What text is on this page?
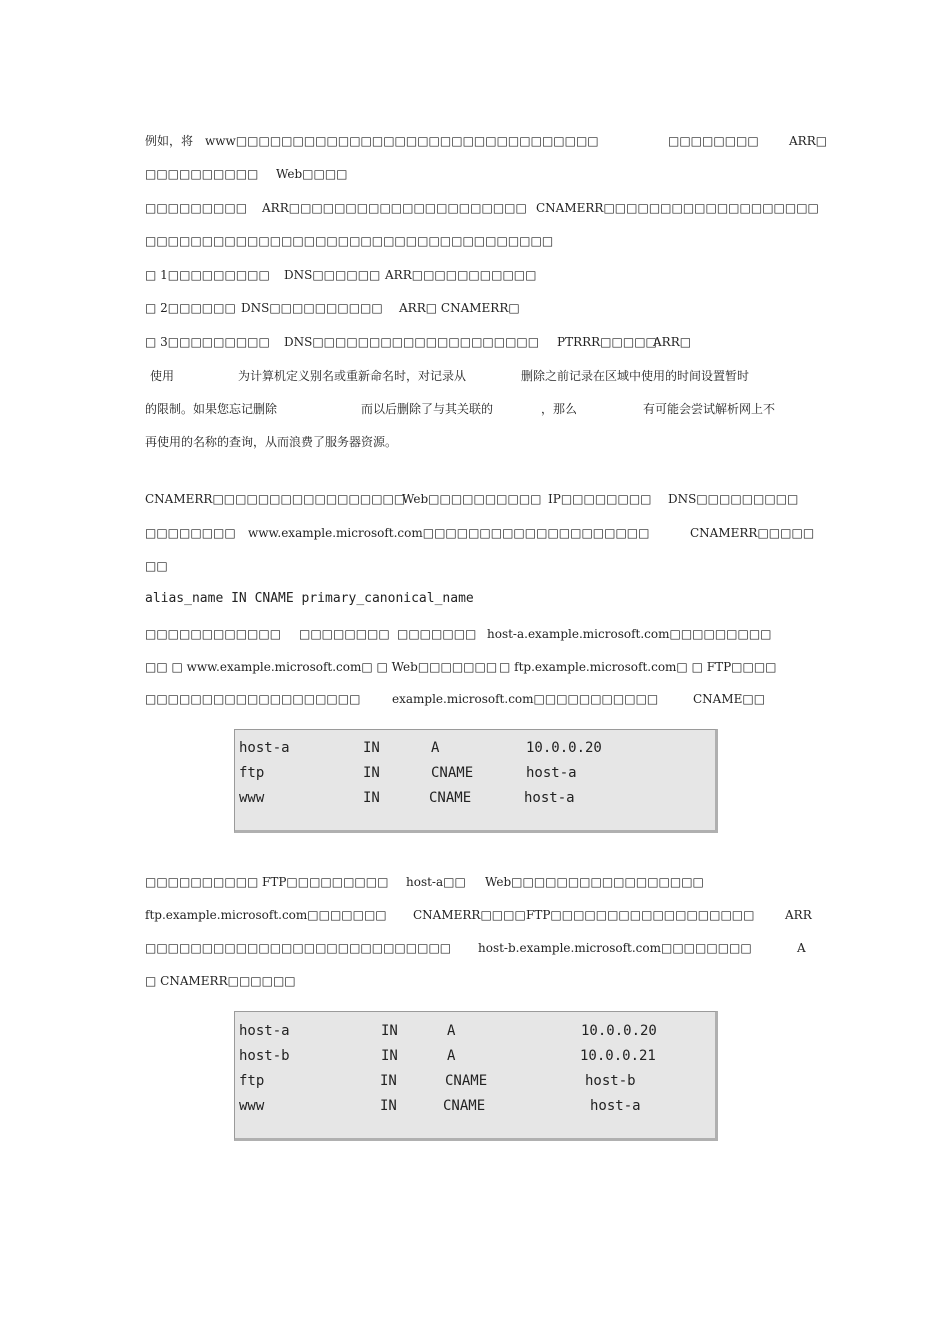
例如，将 www□□□□□□□□□□□□□□□□□□□□□□□□□□□□□□□□	□□□□□□□□	ARR□
□□□□□□□□□□ Web□□□□
□□□□□□□□□ ARR□□□□□□□□□□□□□□□□□□□□□ CNAMERR□□□□□□□□□□□□□□□□□□□
□□□□□□□□□□□□□□□□□□□□□□□□□□□□□□□□□□□□
□ 1□□□□□□□□□ DNS□□□□□□ ARR□□□□□□□□□□□
□ 2□□□□□□ DNS□□□□□□□□□□ ARR□ CNAMERR□
□ 3□□□□□□□□□ DNS□□□□□□□□□□□□□□□□□□□□ PTRRR□□□□□
ARR□
使用	为计算机定义别名或重新命名时，对记录从	删除之前记录在区域中使用的时间设置暂时
的限制。如果您忘记删除	而以后删除了与其关联的	，那么	有可能会尝试解析网上不
再使用的名称的查询，从而浪费了服务器资源。
CNAMERR□□□□□□□□□□□□□□□□□
Web□□□□□□□□□□ IP□□□□□□□□ DNS□□□□□□□□□
□□□□□□□□ www.example.microsoft.com□□□□□□□□□□□□□□□□□□□□	CNAMERR□□□□□
□□
alias_name IN CNAME primary_canonical_name
□□□□□□□□□□□□ □□□□□□□□ □□□□□□□ host-a.example.microsoft.com□□□□□□□□□
□□ □ www.example.microsoft.com□ □ Web□□□□□□□ □ ftp.example.microsoft.com□ □ FTP□□□□
□□□□□□□□□□□□□□□□□□□	example.microsoft.com□□□□□□□□□□□	CNAME□□
□□□□□□□□□□ FTP□□□□□□□□□ host-a□□ Web□□□□□□□□□□□□□□□□□
ftp.example.microsoft.com□□□□□□□ CNAMERR□□□□ FTP□□□□□□□□□□□□□□□□□□	ARR
□□□□□□□□□□□□□□□□□□□□□□□□□□□ host-b.example.microsoft.com□□□□□□□□	A
□ CNAMERR□□□□□□
host-a	IN	A	10.0.0.20
ftp	IN	CNAME	host-a
www	IN	CNAME	host-a
host-a	IN	A	10.0.0.20
host-b	IN	A	10.0.0.21
ftp	IN	CNAME	host-b
www	IN	CNAME	host-a
